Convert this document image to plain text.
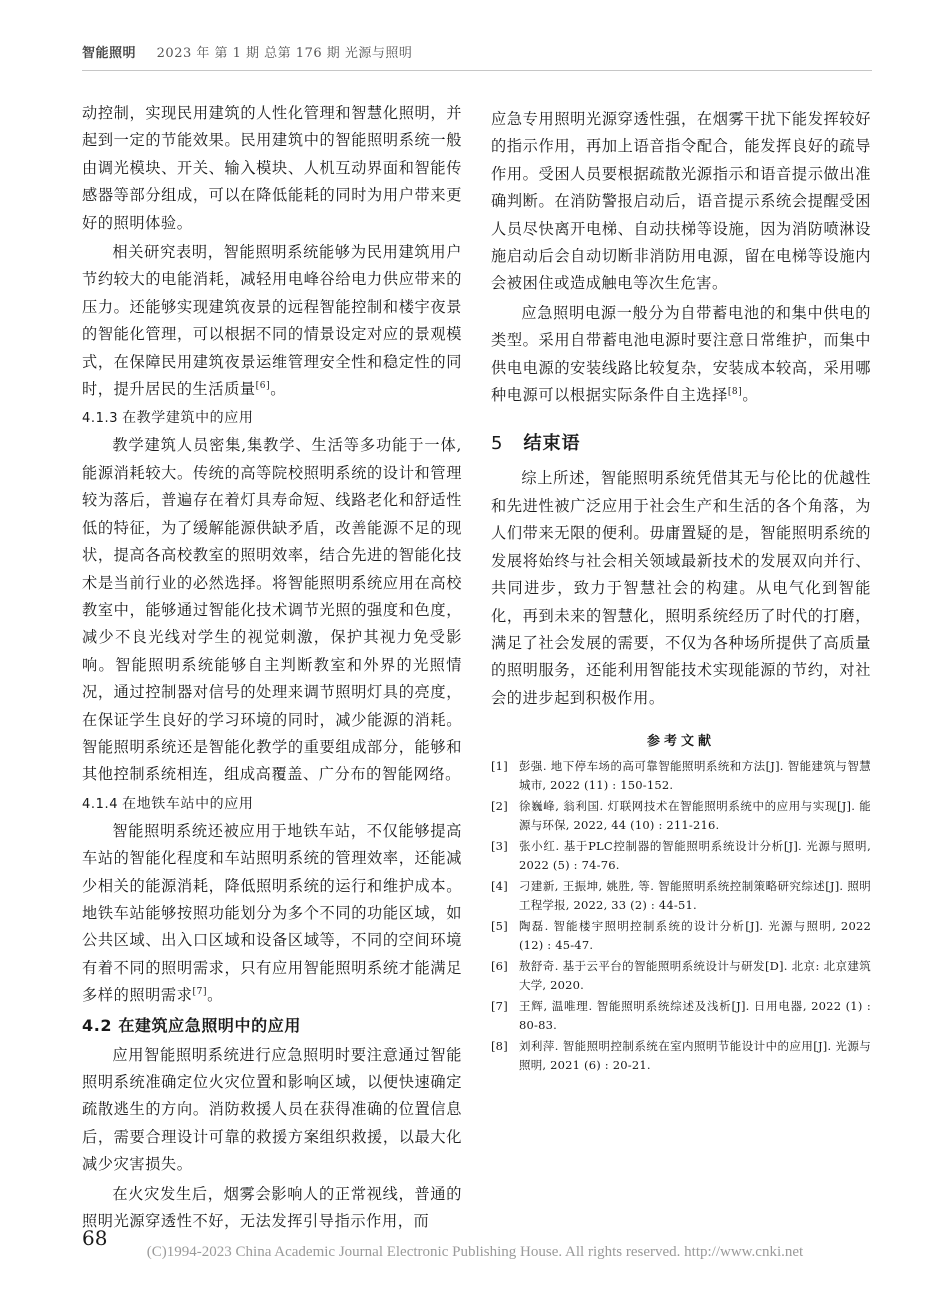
智能照明 2023 年 第 1 期 总第 176 期 光源与照明

动控制，实现民用建筑的人性化管理和智慧化照明，并起到一定的节能效果。民用建筑中的智能照明系统一般由调光模块、开关、输入模块、人机互动界面和智能传感器等部分组成，可以在降低能耗的同时为用户带来更好的照明体验。

相关研究表明，智能照明系统能够为民用建筑用户节约较大的电能消耗，减轻用电峰谷给电力供应带来的压力。还能够实现建筑夜景的远程智能控制和楼宇夜景的智能化管理，可以根据不同的情景设定对应的景观模式，在保障民用建筑夜景运维管理安全性和稳定性的同时，提升居民的生活质量[6]。

4.1.3 在教学建筑中的应用

教学建筑人员密集,集教学、生活等多功能于一体,能源消耗较大。传统的高等院校照明系统的设计和管理较为落后，普遍存在着灯具寿命短、线路老化和舒适性低的特征，为了缓解能源供缺矛盾，改善能源不足的现状，提高各高校教室的照明效率，结合先进的智能化技术是当前行业的必然选择。将智能照明系统应用在高校教室中，能够通过智能化技术调节光照的强度和色度，减少不良光线对学生的视觉刺激，保护其视力免受影响。智能照明系统能够自主判断教室和外界的光照情况，通过控制器对信号的处理来调节照明灯具的亮度，在保证学生良好的学习环境的同时，减少能源的消耗。智能照明系统还是智能化教学的重要组成部分，能够和其他控制系统相连，组成高覆盖、广分布的智能网络。

4.1.4 在地铁车站中的应用

智能照明系统还被应用于地铁车站，不仅能够提高车站的智能化程度和车站照明系统的管理效率，还能减少相关的能源消耗，降低照明系统的运行和维护成本。地铁车站能够按照功能划分为多个不同的功能区域，如公共区域、出入口区域和设备区域等，不同的空间环境有着不同的照明需求，只有应用智能照明系统才能满足多样的照明需求[7]。

4.2 在建筑应急照明中的应用

应用智能照明系统进行应急照明时要注意通过智能照明系统准确定位火灾位置和影响区域，以便快速确定疏散逃生的方向。消防救援人员在获得准确的位置信息后，需要合理设计可靠的救援方案组织救援，以最大化减少灾害损失。

在火灾发生后，烟雾会影响人的正常视线，普通的照明光源穿透性不好，无法发挥引导指示作用，而

应急专用照明光源穿透性强，在烟雾干扰下能发挥较好的指示作用，再加上语音指令配合，能发挥良好的疏导作用。受困人员要根据疏散光源指示和语音提示做出准确判断。在消防警报启动后，语音提示系统会提醒受困人员尽快离开电梯、自动扶梯等设施，因为消防喷淋设施启动后会自动切断非消防用电源，留在电梯等设施内会被困住或造成触电等次生危害。

应急照明电源一般分为自带蓄电池的和集中供电的类型。采用自带蓄电池电源时要注意日常维护，而集中供电电源的安装线路比较复杂，安装成本较高，采用哪种电源可以根据实际条件自主选择[8]。

5 结束语

综上所述，智能照明系统凭借其无与伦比的优越性和先进性被广泛应用于社会生产和生活的各个角落，为人们带来无限的便利。毋庸置疑的是，智能照明系统的发展将始终与社会相关领域最新技术的发展双向并行、共同进步，致力于智慧社会的构建。从电气化到智能化，再到未来的智慧化，照明系统经历了时代的打磨，满足了社会发展的需要，不仅为各种场所提供了高质量的照明服务，还能利用智能技术实现能源的节约，对社会的进步起到积极作用。

参考文献
[1] 彭强. 地下停车场的高可靠智能照明系统和方法[J]. 智能建筑与智慧城市, 2022 (11) : 150-152.
[2] 徐巍峰, 翁利国. 灯联网技术在智能照明系统中的应用与实现[J]. 能源与环保, 2022, 44 (10) : 211-216.
[3] 张小红. 基于PLC控制器的智能照明系统设计分析[J]. 光源与照明, 2022 (5) : 74-76.
[4] 刁建新, 王振坤, 姚胜, 等. 智能照明系统控制策略研究综述[J]. 照明工程学报, 2022, 33 (2) : 44-51.
[5] 陶磊. 智能楼宇照明控制系统的设计分析[J]. 光源与照明, 2022 (12) : 45-47.
[6] 敖舒奇. 基于云平台的智能照明系统设计与研发[D]. 北京: 北京建筑大学, 2020.
[7] 王辉, 温唯理. 智能照明系统综述及浅析[J]. 日用电器, 2022 (1) : 80-83.
[8] 刘利萍. 智能照明控制系统在室内照明节能设计中的应用[J]. 光源与照明, 2021 (6) : 20-21.
68
(C)1994-2023 China Academic Journal Electronic Publishing House. All rights reserved. http://www.cnki.net
